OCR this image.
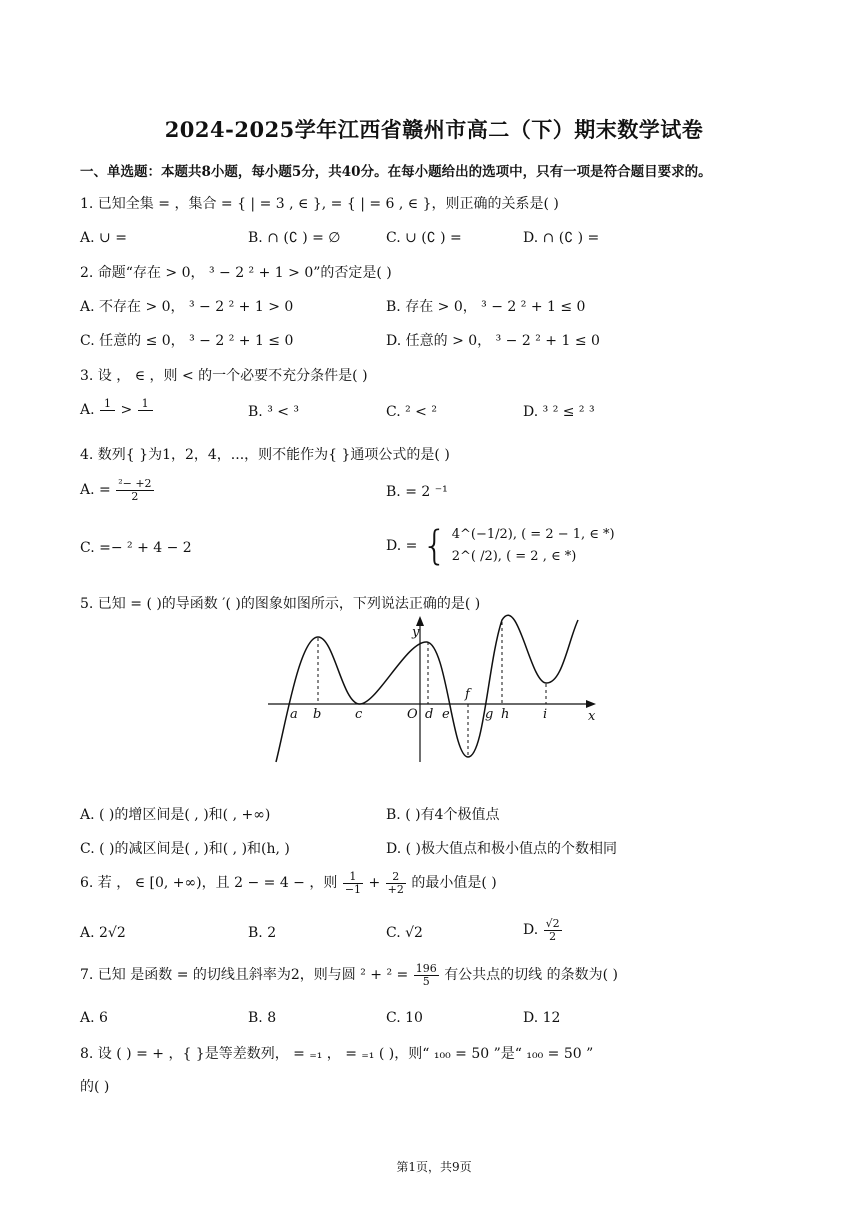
2024-2025学年江西省赣州市高二（下）期末数学试卷
一、单选题：本题共8小题，每小题5分，共40分。在每小题给出的选项中，只有一项是符合题目要求的。
1. 已知全集 = ，集合 = { | = 3 , ∈ }, = { | = 6 , ∈ }，则正确的关系是( )
A. ∪ =	B. ∩ (∁ ) = ∅	C. ∪ (∁ ) =	D. ∩ (∁ ) =
2. 命题“存在 > 0， ³ − 2 ² + 1 > 0”的否定是( )
A. 不存在 > 0， ³ − 2 ² + 1 > 0	B. 存在 > 0， ³ − 2 ² + 1 ≤ 0
C. 任意的 ≤ 0， ³ − 2 ² + 1 ≤ 0	D. 任意的 > 0， ³ − 2 ² + 1 ≤ 0
3. 设 ， ∈ ，则 < 的一个必要不充分条件是( )
A. 1
  > 1

B. ³ < ³	C. ² < ²	D. ³ ² ≤ ² ³
4. 数列{ }为1，2，4，...，则不能作为{ }通项公式的是( )
A. = $\frac{\text{²− +2}}{2}$	B. = 2 ⁻¹
C. =− ² + 4 − 2	D. = { 4^(−1/2), ( = 2 − 1, ∈ *)
2^( /2), ( = 2 , ∈ *)
5. 已知 = ( )的导函数 ′( )的图象如图所示，下列说法正确的是( )
y
x
a b	c	O d e
f
g h	i
A. ( )的增区间是( , )和( , +∞)	B. ( )有4个极值点
C. ( )的减区间是( , )和( , )和(h, )	D. ( )极大值点和极小值点的个数相同
6. 若 ， ∈ [0, +∞)，且 2 − = 4 − ，则 $\frac{1}{-1} + \frac{2}{+2}$ 的最小值是( )
A. 2√2	B. 2	C. √2	D. $\frac{√2}{2}$
7. 已知 是函数 = 的切线且斜率为2，则与圆 $^2 + ^2 = \frac{196}{5}$ 有公共点的切线 的条数为( )
A. 6	B. 8	C. 10	D. 12
8. 设 ( ) = + ，{ }是等差数列， = ₌₁ ， = ₌₁ ( )，则“ ₁₀₀ = 50 ”是“ ₁₀₀ = 50 ”
的( )
第1页，共9页
